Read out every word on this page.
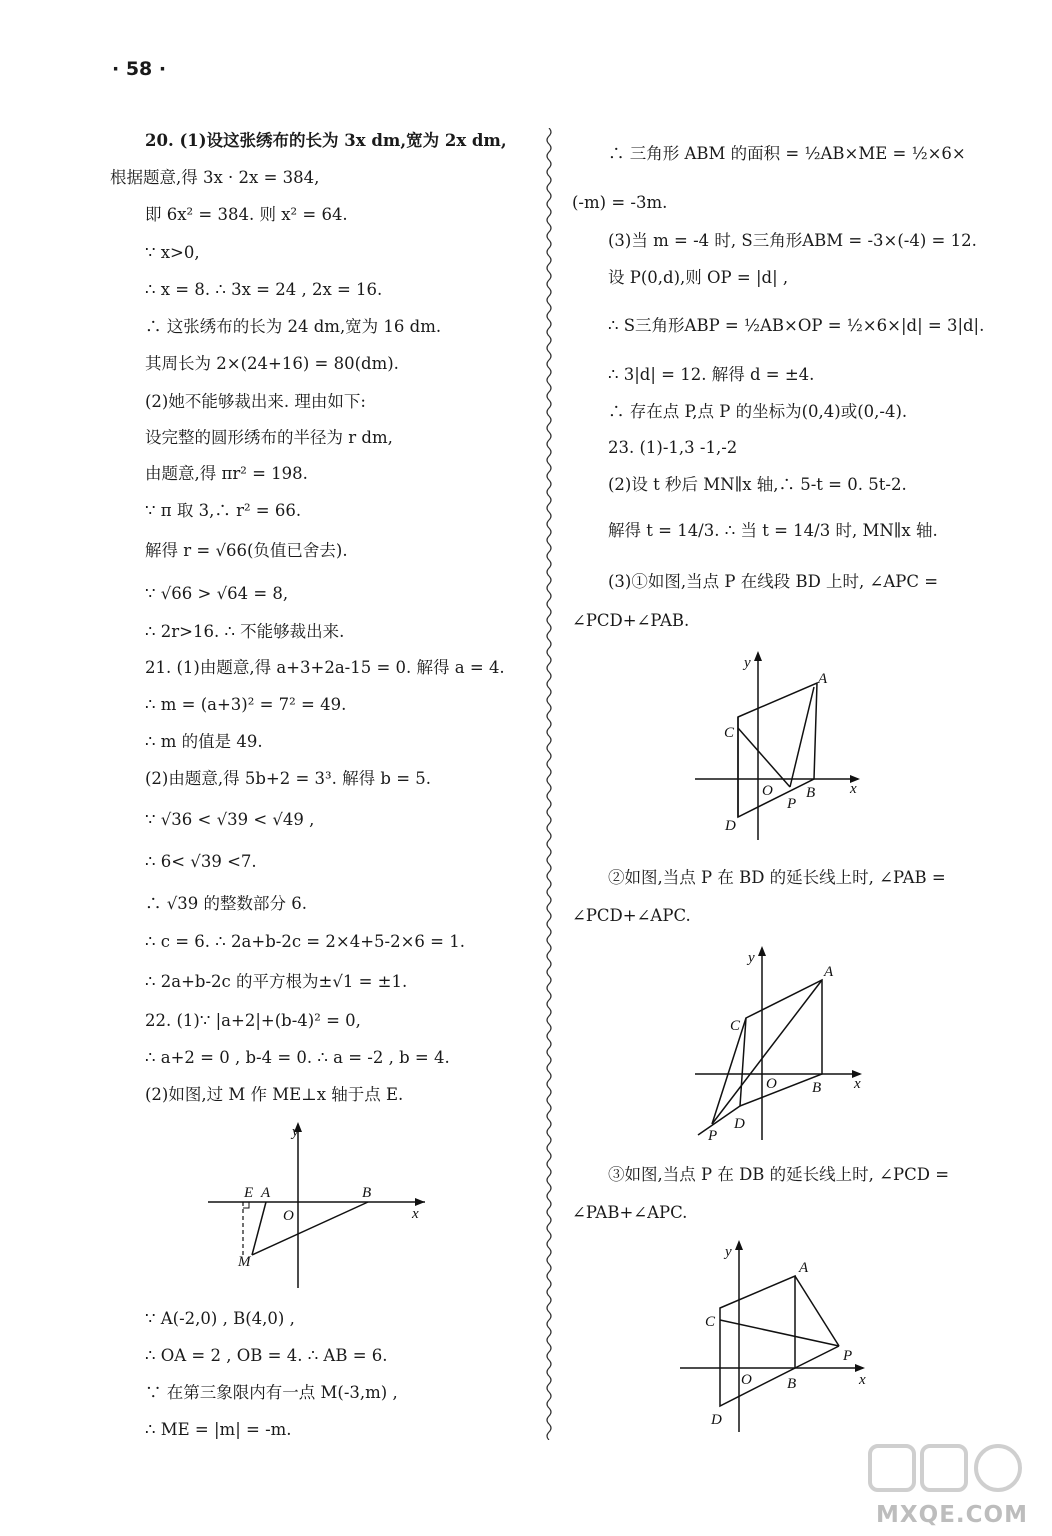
· 58 ·
20. (1)设这张绣布的长为 3x dm,宽为 2x dm,
根据题意,得 3x · 2x = 384,
即 6x² = 384. 则 x² = 64.
∵ x>0,
∴ x = 8. ∴ 3x = 24 , 2x = 16.
∴ 这张绣布的长为 24 dm,宽为 16 dm.
其周长为 2×(24+16) = 80(dm).
(2)她不能够裁出来. 理由如下:
设完整的圆形绣布的半径为 r dm,
由题意,得 πr² = 198.
∵ π 取 3,∴ r² = 66.
解得 r = √66(负值已舍去).
∵ √66 > √64 = 8,
∴ 2r>16. ∴ 不能够裁出来.
21. (1)由题意,得 a+3+2a-15 = 0. 解得 a = 4.
∴ m = (a+3)² = 7² = 49.
∴ m 的值是 49.
(2)由题意,得 5b+2 = 3³. 解得 b = 5.
∵ √36 < √39 < √49 ,
∴ 6< √39 <7.
∴ √39 的整数部分 6.
∴ c = 6. ∴ 2a+b-2c = 2×4+5-2×6 = 1.
∴ 2a+b-2c 的平方根为±√1 = ±1.
22. (1)∵ |a+2|+(b-4)² = 0,
∴ a+2 = 0 , b-4 = 0. ∴ a = -2 , b = 4.
(2)如图,过 M 作 ME⊥x 轴于点 E.
∵ A(-2,0) , B(4,0) ,
∴ OA = 2 , OB = 4. ∴ AB = 6.
∵ 在第三象限内有一点 M(-3,m) ,
∴ ME = |m| = -m.
y
x
E A	B
O
M
∴ 三角形 ABM 的面积 = ½AB×ME = ½×6×
(-m) = -3m.
(3)当 m = -4 时, S三角形ABM = -3×(-4) = 12.
设 P(0,d),则 OP = |d| ,
∴ S三角形ABP = ½AB×OP = ½×6×|d| = 3|d|.
∴ 3|d| = 12. 解得 d = ±4.
∴ 存在点 P,点 P 的坐标为(0,4)或(0,-4).
23. (1)-1,3 -1,-2
(2)设 t 秒后 MN∥x 轴,∴ 5-t = 0. 5t-2.
解得 t = 14/3. ∴ 当 t = 14/3 时, MN∥x 轴.
(3)①如图,当点 P 在线段 BD 上时, ∠APC =
∠PCD+∠PAB.
②如图,当点 P 在 BD 的延长线上时, ∠PAB =
∠PCD+∠APC.
③如图,当点 P 在 DB 的延长线上时, ∠PCD =
∠PAB+∠APC.
y
A
C
O
P
B x
D
y
A
C
O B x
P
D
y
A
C
P
O B	x
D
MXQE.COM
